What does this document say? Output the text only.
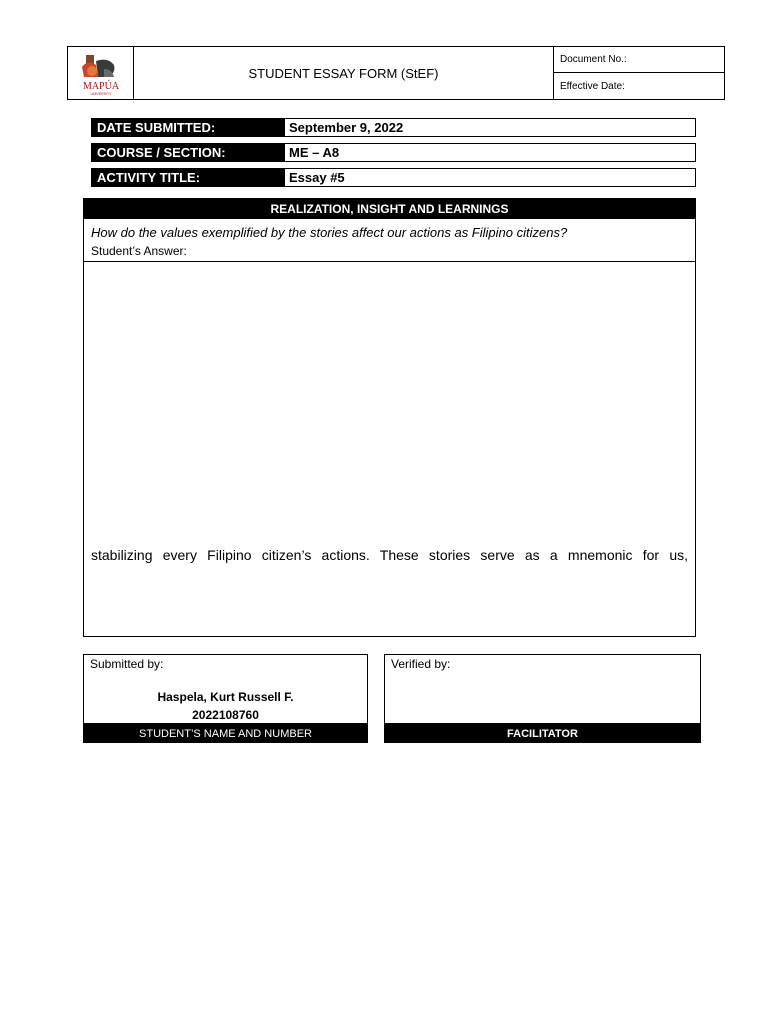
MAPÚA
UNIVERSITY
STUDENT ESSAY FORM (StEF)
Document No.:
Effective Date:
DATE SUBMITTED:	September 9, 2022
COURSE / SECTION:	ME – A8
ACTIVITY TITLE:	Essay #5
REALIZATION, INSIGHT AND LEARNINGS
How do the values exemplified by the stories affect our actions as Filipino citizens?
Student’s Answer:
stabilizing every Filipino citizen’s actions. These stories serve as a mnemonic for us,
Submitted by:
Haspela, Kurt Russell F.
2022108760
STUDENT’S NAME AND NUMBER
Verified by:
FACILITATOR
